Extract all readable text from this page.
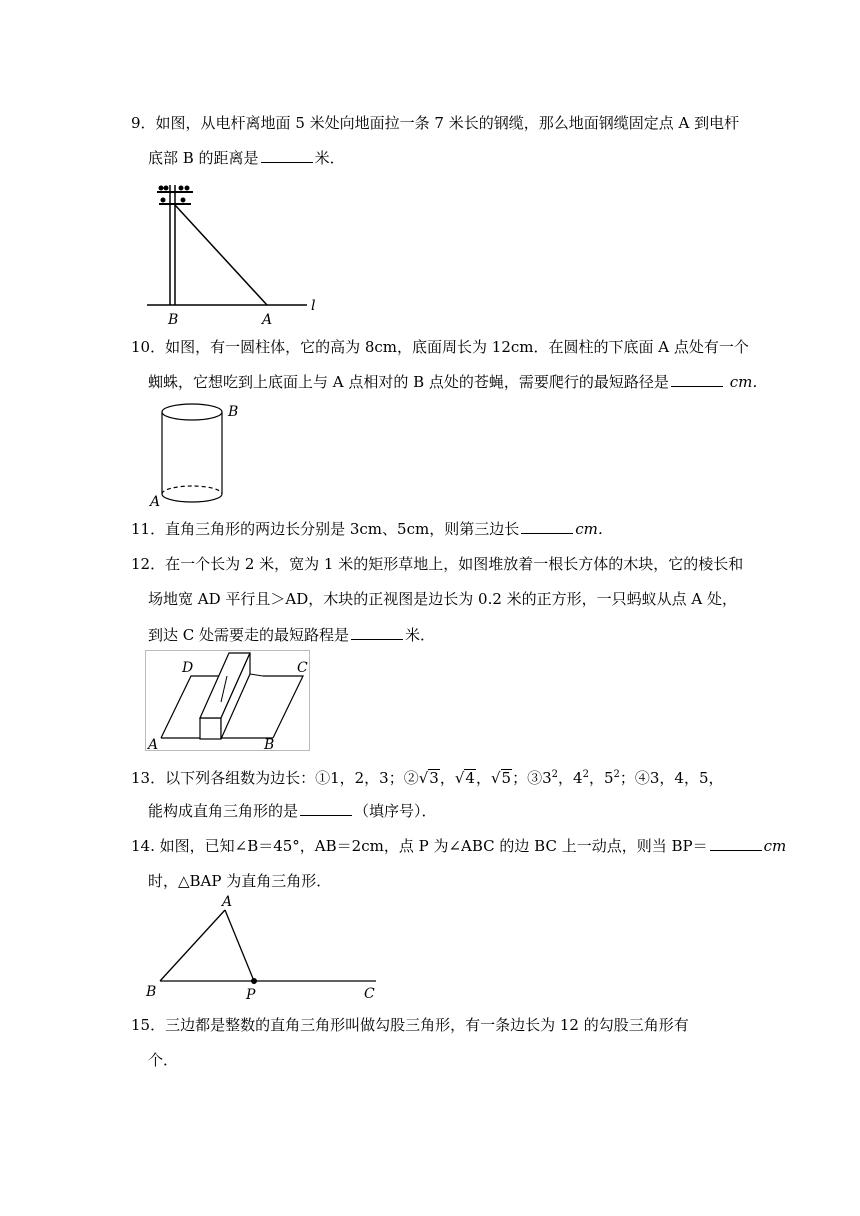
9．如图，从电杆离地面 5 米处向地面拉一条 7 米长的钢缆，那么地面钢缆固定点 A 到电杆
底部 B 的距离是	米．
B	A
l
10．如图，有一圆柱体，它的高为 8cm，底面周长为 12cm．在圆柱的下底面 A 点处有一个
蜘蛛，它想吃到上底面上与 A 点相对的 B 点处的苍蝇，需要爬行的最短路径是	cm．
B
A
11．直角三角形的两边长分别是 3cm、5cm，则第三边长	cm．
12．在一个长为 2 米，宽为 1 米的矩形草地上，如图堆放着一根长方体的木块，它的棱长和
场地宽 AD 平行且＞AD，木块的正视图是边长为 0.2 米的正方形，一只蚂蚁从点 A 处，
到达 C 处需要走的最短路程是	米．
D	C
A	B
13．以下列各组数为边长：①1，2，3；②√3，√4，√5；$③3^2$，$4^2$，$5^2$；④3，4，5，
能构成直角三角形的是	（填序号）．
14. 如图，已知∠B＝45°，AB＝2cm，点 P 为∠ABC 的边 BC 上一动点，则当 BP＝	cm
时，△BAP 为直角三角形．
A
B	P	C
15．三边都是整数的直角三角形叫做勾股三角形，有一条边长为 12 的勾股三角形有
个．
